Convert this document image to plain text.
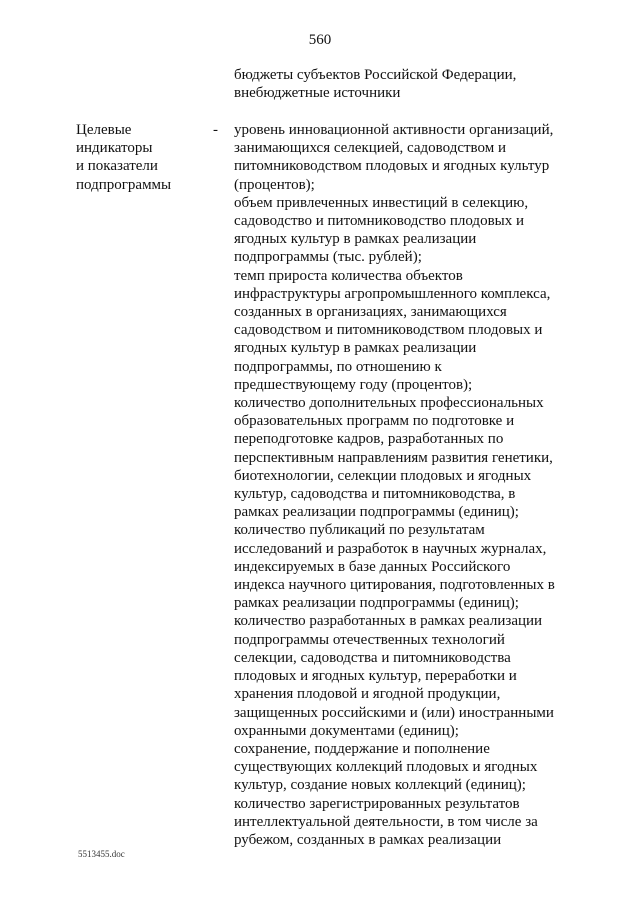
560
бюджеты субъектов Российской Федерации,
внебюджетные источники
Целевые
индикаторы
и показатели
подпрограммы
- уровень инновационной активности организаций,
занимающихся селекцией, садоводством и
питомниководством плодовых и ягодных культур
(процентов);
объем привлеченных инвестиций в селекцию,
садоводство и питомниководство плодовых и
ягодных культур в рамках реализации
подпрограммы (тыс. рублей);
темп прироста количества объектов
инфраструктуры агропромышленного комплекса,
созданных в организациях, занимающихся
садоводством и питомниководством плодовых и
ягодных культур в рамках реализации
подпрограммы, по отношению к
предшествующему году (процентов);
количество дополнительных профессиональных
образовательных программ по подготовке и
переподготовке кадров, разработанных по
перспективным направлениям развития генетики,
биотехнологии, селекции плодовых и ягодных
культур, садоводства и питомниководства, в
рамках реализации подпрограммы (единиц);
количество публикаций по результатам
исследований и разработок в научных журналах,
индексируемых в базе данных Российского
индекса научного цитирования, подготовленных в
рамках реализации подпрограммы (единиц);
количество разработанных в рамках реализации
подпрограммы отечественных технологий
селекции, садоводства и питомниководства
плодовых и ягодных культур, переработки и
хранения плодовой и ягодной продукции,
защищенных российскими и (или) иностранными
охранными документами (единиц);
сохранение, поддержание и пополнение
существующих коллекций плодовых и ягодных
культур, создание новых коллекций (единиц);
количество зарегистрированных результатов
интеллектуальной деятельности, в том числе за
рубежом, созданных в рамках реализации
5513455.doc
